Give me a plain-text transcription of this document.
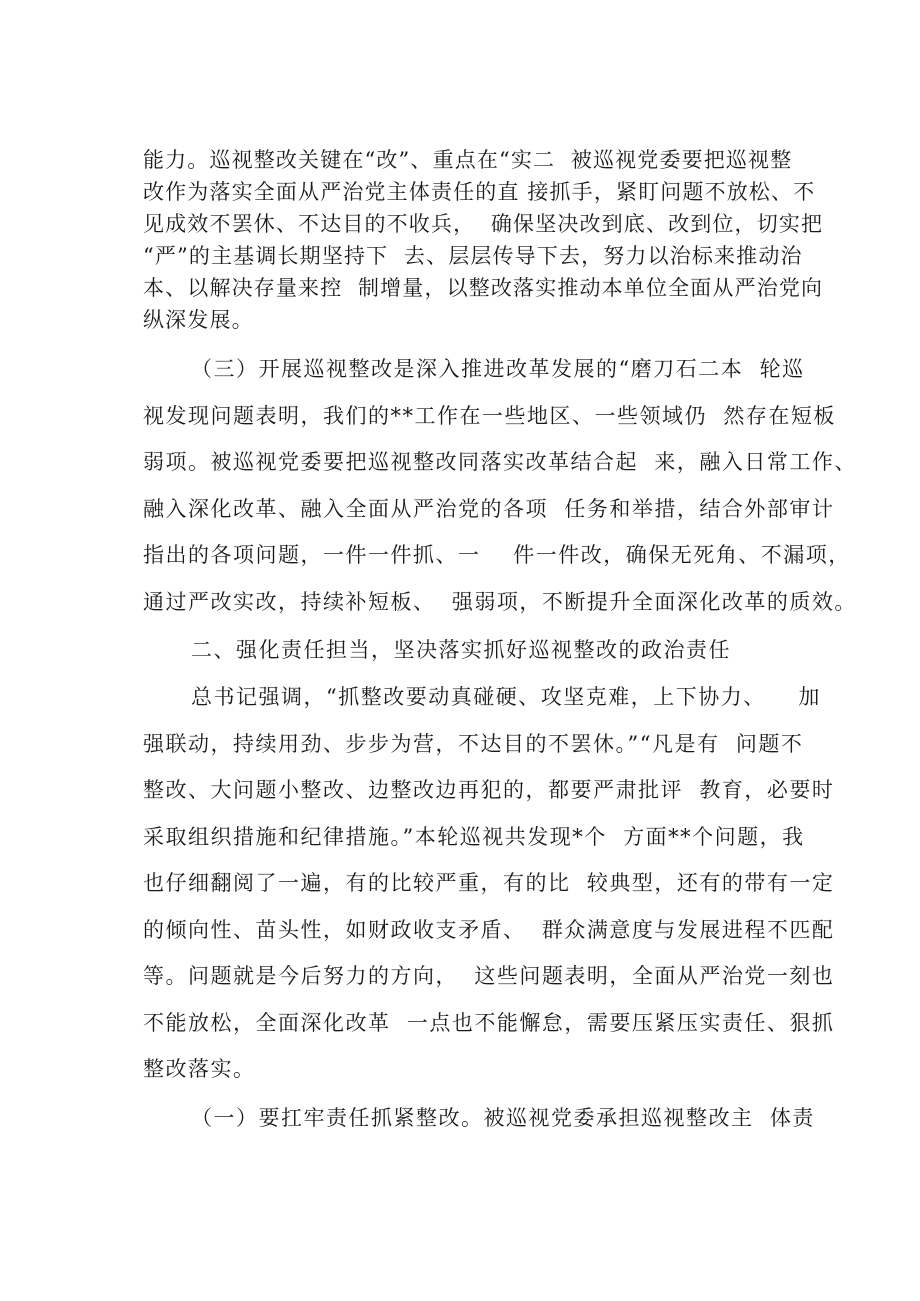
能力。巡视整改关键在“改”、重点在“实二  被巡视党委要把巡视整
改作为落实全面从严治党主体责任的直 接抓手，紧盯问题不放松、不
见成效不罢休、不达目的不收兵，  确保坚决改到底、改到位，切实把
“严”的主基调长期坚持下  去、层层传导下去，努力以治标来推动治
本、以解决存量来控  制增量，以整改落实推动本单位全面从严治党向
纵深发展。
（三）开展巡视整改是深入推进改革发展的“磨刀石二本  轮巡
视发现问题表明，我们的**工作在一些地区、一些领域仍  然存在短板
弱项。被巡视党委要把巡视整改同落实改革结合起  来，融入日常工作、
融入深化改革、融入全面从严治党的各项  任务和举措，结合外部审计
指出的各项问题，一件一件抓、一    件一件改，确保无死角、不漏项，
通过严改实改，持续补短板、  强弱项，不断提升全面深化改革的质效。
二、强化责任担当，坚决落实抓好巡视整改的政治责任
总书记强调，“抓整改要动真碰硬、攻坚克难，上下协力、    加
强联动，持续用劲、步步为营，不达目的不罢休。”“凡是有  问题不
整改、大问题小整改、边整改边再犯的，都要严肃批评  教育，必要时
采取组织措施和纪律措施。”本轮巡视共发现*个  方面**个问题，我
也仔细翻阅了一遍，有的比较严重，有的比  较典型，还有的带有一定
的倾向性、苗头性，如财政收支矛盾、  群众满意度与发展进程不匹配
等。问题就是今后努力的方向，  这些问题表明，全面从严治党一刻也
不能放松，全面深化改革  一点也不能懈怠，需要压紧压实责任、狠抓
整改落实。
（一）要扛牢责任抓紧整改。被巡视党委承担巡视整改主  体责
